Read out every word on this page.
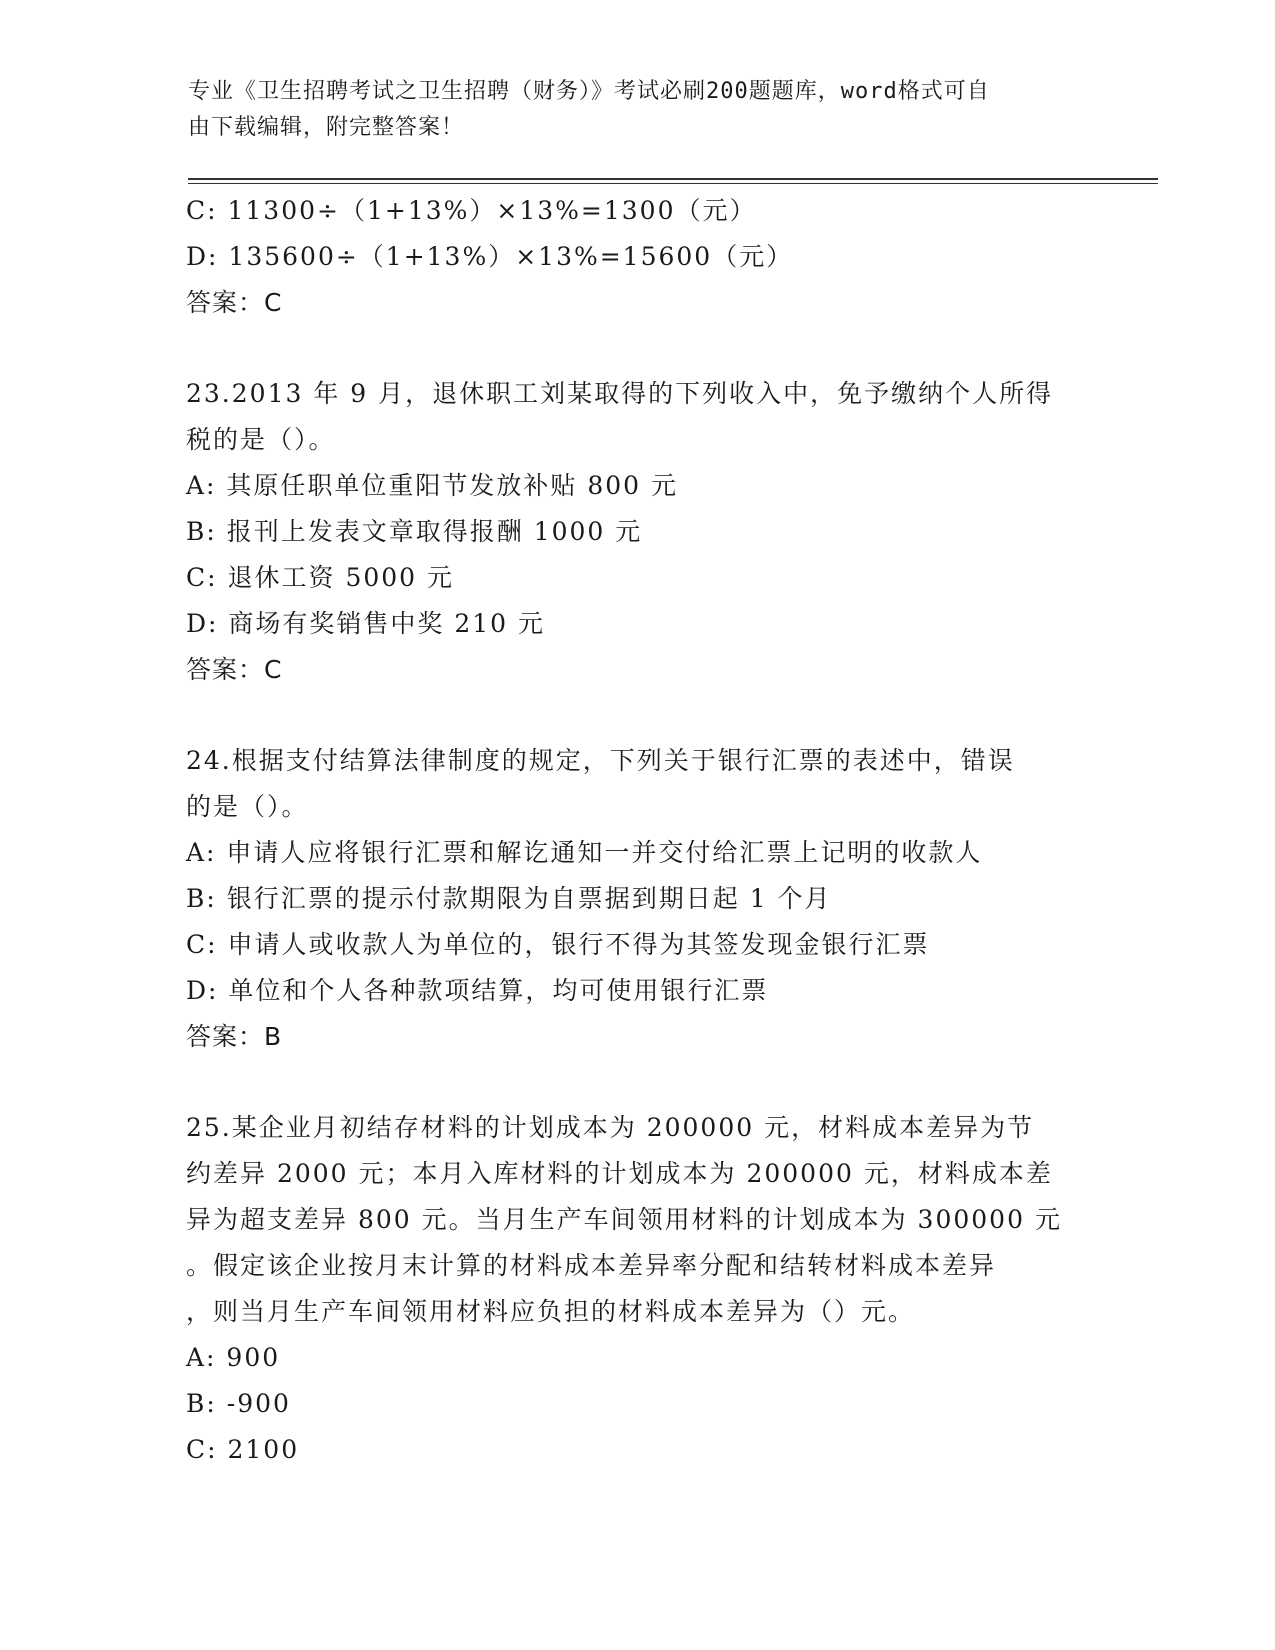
专业《卫生招聘考试之卫生招聘（财务）》考试必刷200题题库，word格式可自
由下载编辑，附完整答案！
C: 11300÷（1+13%）×13%=1300（元）
D: 135600÷（1+13%）×13%=15600（元）
答案：C
23.2013 年 9 月，退休职工刘某取得的下列收入中，免予缴纳个人所得
税的是（）。
A: 其原任职单位重阳节发放补贴 800 元
B: 报刊上发表文章取得报酬 1000 元
C: 退休工资 5000 元
D: 商场有奖销售中奖 210 元
答案：C
24.根据支付结算法律制度的规定，下列关于银行汇票的表述中，错误
的是（）。
A: 申请人应将银行汇票和解讫通知一并交付给汇票上记明的收款人
B: 银行汇票的提示付款期限为自票据到期日起 1 个月
C: 申请人或收款人为单位的，银行不得为其签发现金银行汇票
D: 单位和个人各种款项结算，均可使用银行汇票
答案：B
25.某企业月初结存材料的计划成本为 200000 元，材料成本差异为节
约差异 2000 元；本月入库材料的计划成本为 200000 元，材料成本差
异为超支差异 800 元。当月生产车间领用材料的计划成本为 300000 元
。假定该企业按月末计算的材料成本差异率分配和结转材料成本差异
，则当月生产车间领用材料应负担的材料成本差异为（）元。
A: 900
B: -900
C: 2100
